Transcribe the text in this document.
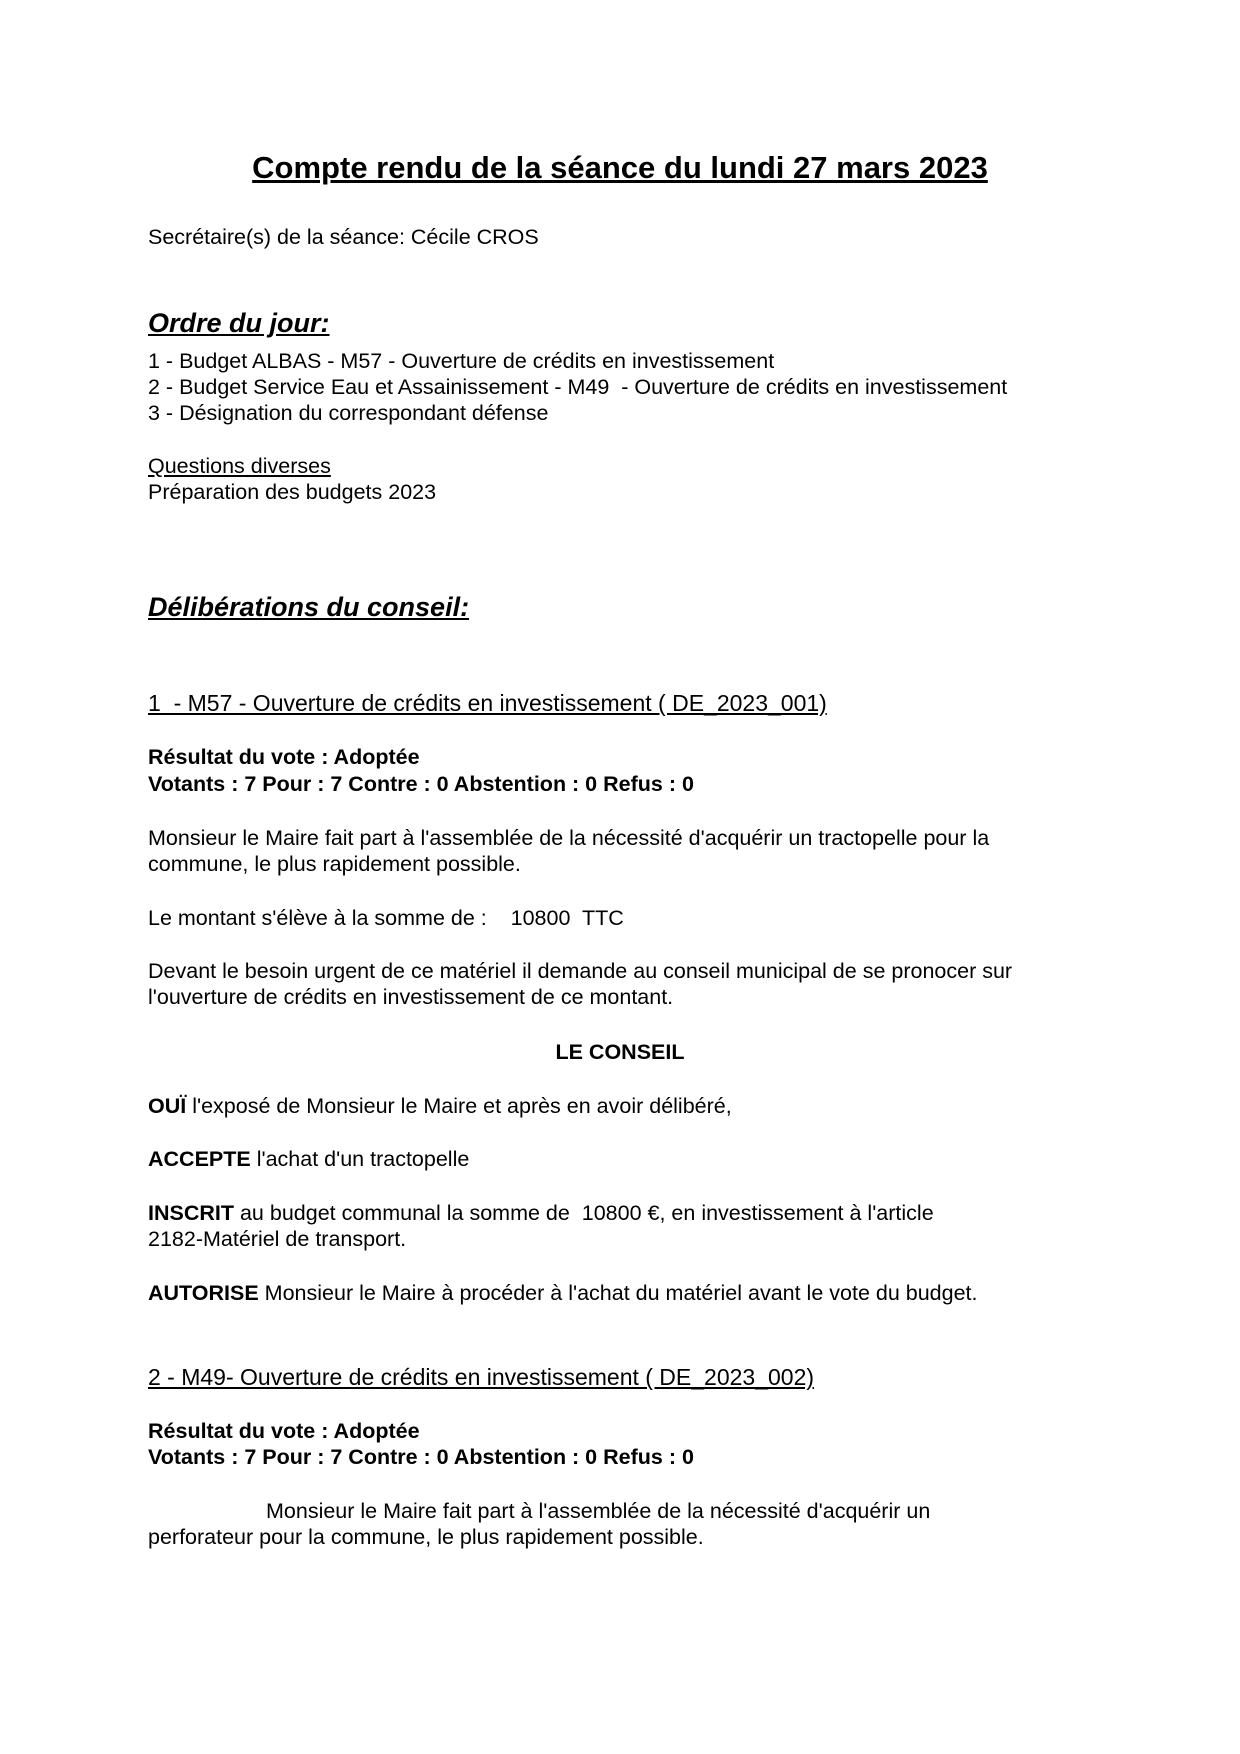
Compte rendu de la séance du lundi 27 mars 2023
Secrétaire(s) de la séance: Cécile CROS
Ordre du jour:
1 - Budget ALBAS - M57 - Ouverture de crédits en investissement
2 - Budget Service Eau et Assainissement - M49  - Ouverture de crédits en investissement
3 - Désignation du correspondant défense
Questions diverses
Préparation des budgets 2023
Délibérations du conseil:
1  - M57 - Ouverture de crédits en investissement ( DE_2023_001)
Résultat du vote : Adoptée
Votants : 7 Pour : 7 Contre : 0 Abstention : 0 Refus : 0
Monsieur le Maire fait part à l'assemblée de la nécessité d'acquérir un tractopelle pour la
commune, le plus rapidement possible.
Le montant s'élève à la somme de :    10800  TTC
Devant le besoin urgent de ce matériel il demande au conseil municipal de se pronocer sur
l'ouverture de crédits en investissement de ce montant.
LE CONSEIL
OUÏ l'exposé de Monsieur le Maire et après en avoir délibéré,
ACCEPTE l'achat d'un tractopelle
INSCRIT au budget communal la somme de  10800 €, en investissement à l'article
2182-Matériel de transport.
AUTORISE Monsieur le Maire à procéder à l'achat du matériel avant le vote du budget.
2 - M49- Ouverture de crédits en investissement ( DE_2023_002)
Résultat du vote : Adoptée
Votants : 7 Pour : 7 Contre : 0 Abstention : 0 Refus : 0
Monsieur le Maire fait part à l'assemblée de la nécessité d'acquérir un
perforateur pour la commune, le plus rapidement possible.
